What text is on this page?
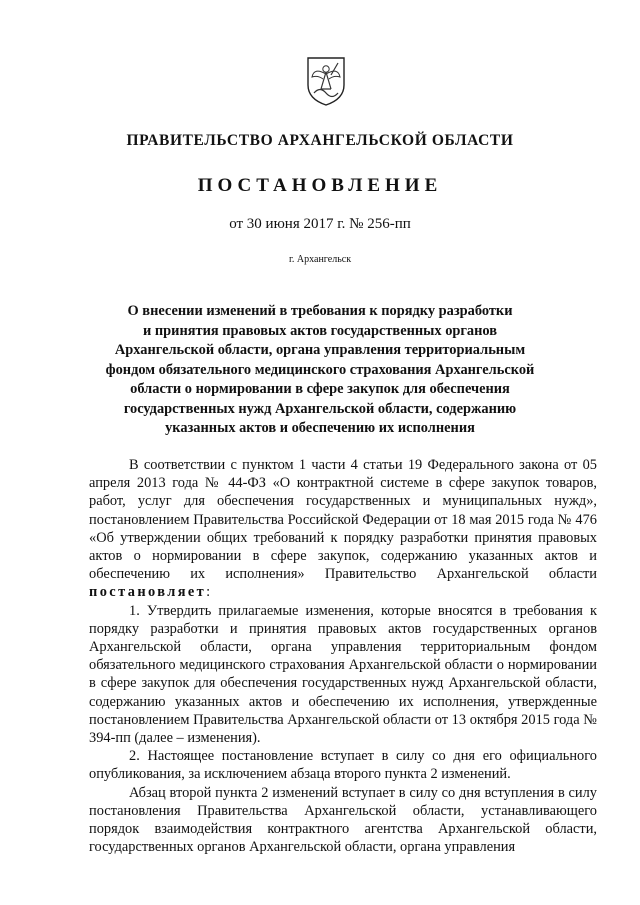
ПРАВИТЕЛЬСТВО АРХАНГЕЛЬСКОЙ ОБЛАСТИ
ПОСТАНОВЛЕНИЕ
от 30 июня 2017 г. № 256-пп
г. Архангельск
О внесении изменений в требования к порядку разработки
и принятия правовых актов государственных органов
Архангельской области, органа управления территориальным
фондом обязательного медицинского страхования Архангельской
области о нормировании в сфере закупок для обеспечения
государственных нужд Архангельской области, содержанию
указанных актов и обеспечению их исполнения

В соответствии с пунктом 1 части 4 статьи 19 Федерального закона от 05 апреля 2013 года № 44-ФЗ «О контрактной системе в сфере закупок товаров, работ, услуг для обеспечения государственных и муниципальных нужд», постановлением Правительства Российской Федерации от 18 мая 2015 года № 476 «Об утверждении общих требований к порядку разработки принятия правовых актов о нормировании в сфере закупок, содержанию указанных актов и обеспечению их исполнения» Правительство Архангельской области постановляет:

1. Утвердить прилагаемые изменения, которые вносятся в требования к порядку разработки и принятия правовых актов государственных органов Архангельской области, органа управления территориальным фондом обязательного медицинского страхования Архангельской области о нормировании в сфере закупок для обеспечения государственных нужд Архангельской области, содержанию указанных актов и обеспечению их исполнения, утвержденные постановлением Правительства Архангельской области от 13 октября 2015 года № 394-пп (далее – изменения).

2. Настоящее постановление вступает в силу со дня его официального опубликования, за исключением абзаца второго пункта 2 изменений.

Абзац второй пункта 2 изменений вступает в силу со дня вступления в силу постановления Правительства Архангельской области, устанавливающего порядок взаимодействия контрактного агентства Архангельской области, государственных органов Архангельской области, органа управления
